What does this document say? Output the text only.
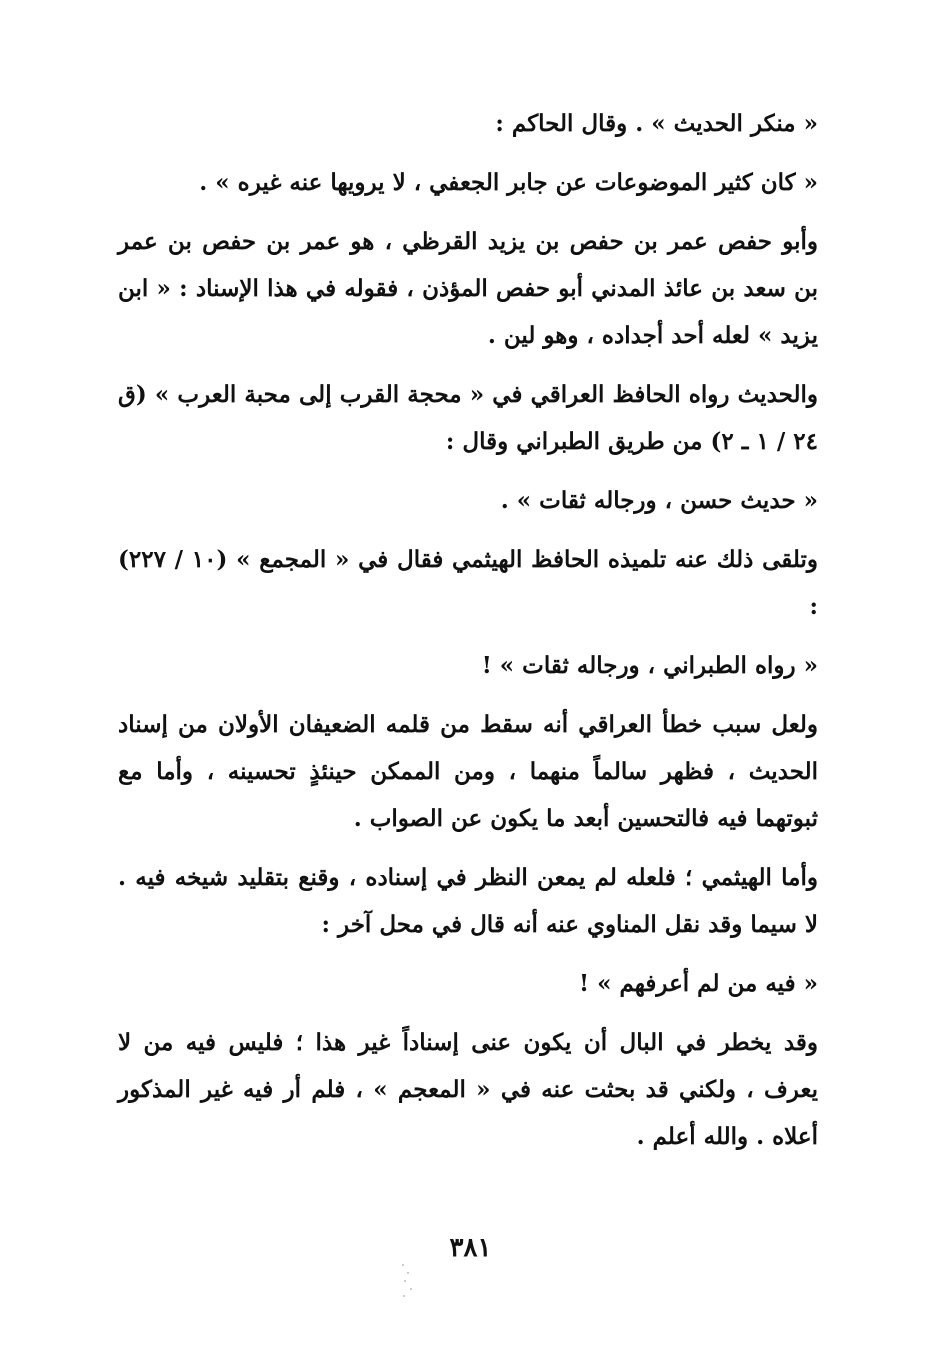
« منكر الحديث » . وقال الحاكم :

« كان كثير الموضوعات عن جابر الجعفي ، لا يرويها عنه غيره » .

وأبو حفص عمر بن حفص بن يزيد القرظي ، هو عمر بن حفص بن عمر بن سعد بن عائذ المدني أبو حفص المؤذن ، فقوله في هذا الإسناد : « ابن يزيد » لعله أحد أجداده ، وهو لين .

والحديث رواه الحافظ العراقي في « محجة القرب إلى محبة العرب » (ق ٢٤ / ١ ـ ٢) من طريق الطبراني وقال :

« حديث حسن ، ورجاله ثقات » .

وتلقى ذلك عنه تلميذه الحافظ الهيثمي فقال في « المجمع » (١٠ / ٢٢٧) :

« رواه الطبراني ، ورجاله ثقات » !

ولعل سبب خطأ العراقي أنه سقط من قلمه الضعيفان الأولان من إسناد الحديث ، فظهر سالماً منهما ، ومن الممكن حينئذٍ تحسينه ، وأما مع ثبوتهما فيه فالتحسين أبعد ما يكون عن الصواب .

وأما الهيثمي ؛ فلعله لم يمعن النظر في إسناده ، وقنع بتقليد شيخه فيه . لا سيما وقد نقل المناوي عنه أنه قال في محل آخر :

« فيه من لم أعرفهم » !

وقد يخطر في البال أن يكون عنى إسناداً غير هذا ؛ فليس فيه من لا يعرف ، ولكني قد بحثت عنه في « المعجم » ، فلم أر فيه غير المذكور أعلاه . والله أعلم .

٣٨١
